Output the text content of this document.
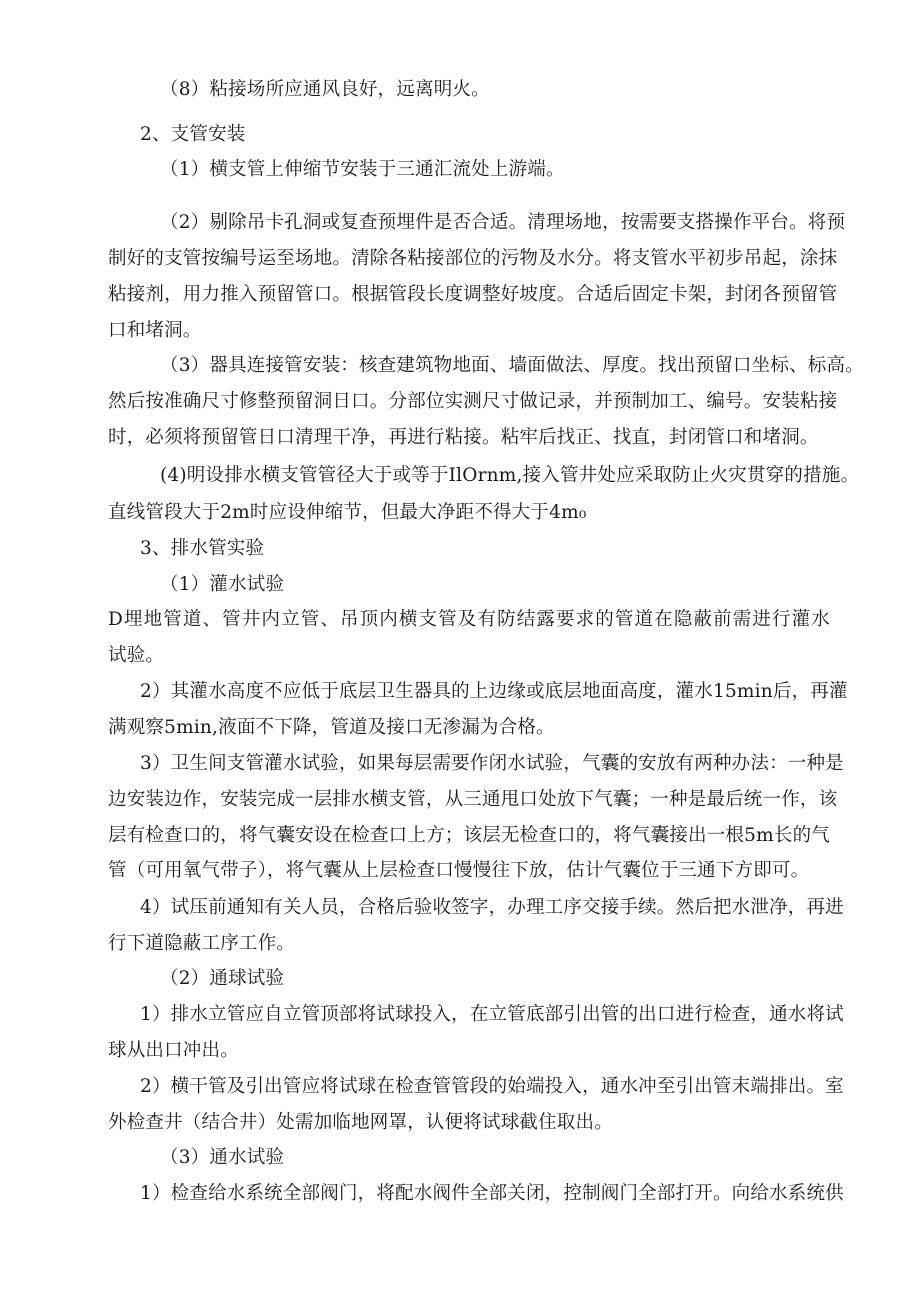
（8）粘接场所应通风良好，远离明火。
2、支管安装
（1）横支管上伸缩节安装于三通汇流处上游端。
（2）剔除吊卡孔洞或复查预埋件是否合适。清理场地，按需要支搭操作平台。将预
制好的支管按编号运至场地。清除各粘接部位的污物及水分。将支管水平初步吊起，涂抹
粘接剂，用力推入预留管口。根据管段长度调整好坡度。合适后固定卡架，封闭各预留管
口和堵洞。
（3）器具连接管安装：核查建筑物地面、墙面做法、厚度。找出预留口坐标、标高。
然后按准确尺寸修整预留洞日口。分部位实测尺寸做记录，并预制加工、编号。安装粘接
时，必须将预留管日口清理干净，再进行粘接。粘牢后找正、找直，封闭管口和堵洞。
(4)明设排水横支管管径大于或等于IlOrnm,接入管井处应采取防止火灾贯穿的措施。
直线管段大于2m时应设伸缩节，但最大净距不得大于4m₀
3、排水管实验
（1）灌水试验
D埋地管道、管井内立管、吊顶内横支管及有防结露要求的管道在隐蔽前需进行灌水
试验。
2）其灌水高度不应低于底层卫生器具的上边缘或底层地面高度，灌水15min后，再灌
满观察5min,液面不下降，管道及接口无渗漏为合格。
3）卫生间支管灌水试验，如果每层需要作闭水试验，气囊的安放有两种办法：一种是
边安装边作，安装完成一层排水横支管，从三通甩口处放下气囊；一种是最后统一作，该
层有检查口的，将气囊安设在检查口上方；该层无检查口的，将气囊接出一根5m长的气
管（可用氧气带子），将气囊从上层检查口慢慢往下放，估计气囊位于三通下方即可。
4）试压前通知有关人员，合格后验收签字，办理工序交接手续。然后把水泄净，再进
行下道隐蔽工序工作。
（2）通球试验
1）排水立管应自立管顶部将试球投入，在立管底部引出管的出口进行检查，通水将试
球从出口冲出。
2）横干管及引出管应将试球在检查管管段的始端投入，通水冲至引出管末端排出。室
外检查井（结合井）处需加临地网罩，认便将试球截住取出。
（3）通水试验
1）检查给水系统全部阀门，将配水阀件全部关闭，控制阀门全部打开。向给水系统供
